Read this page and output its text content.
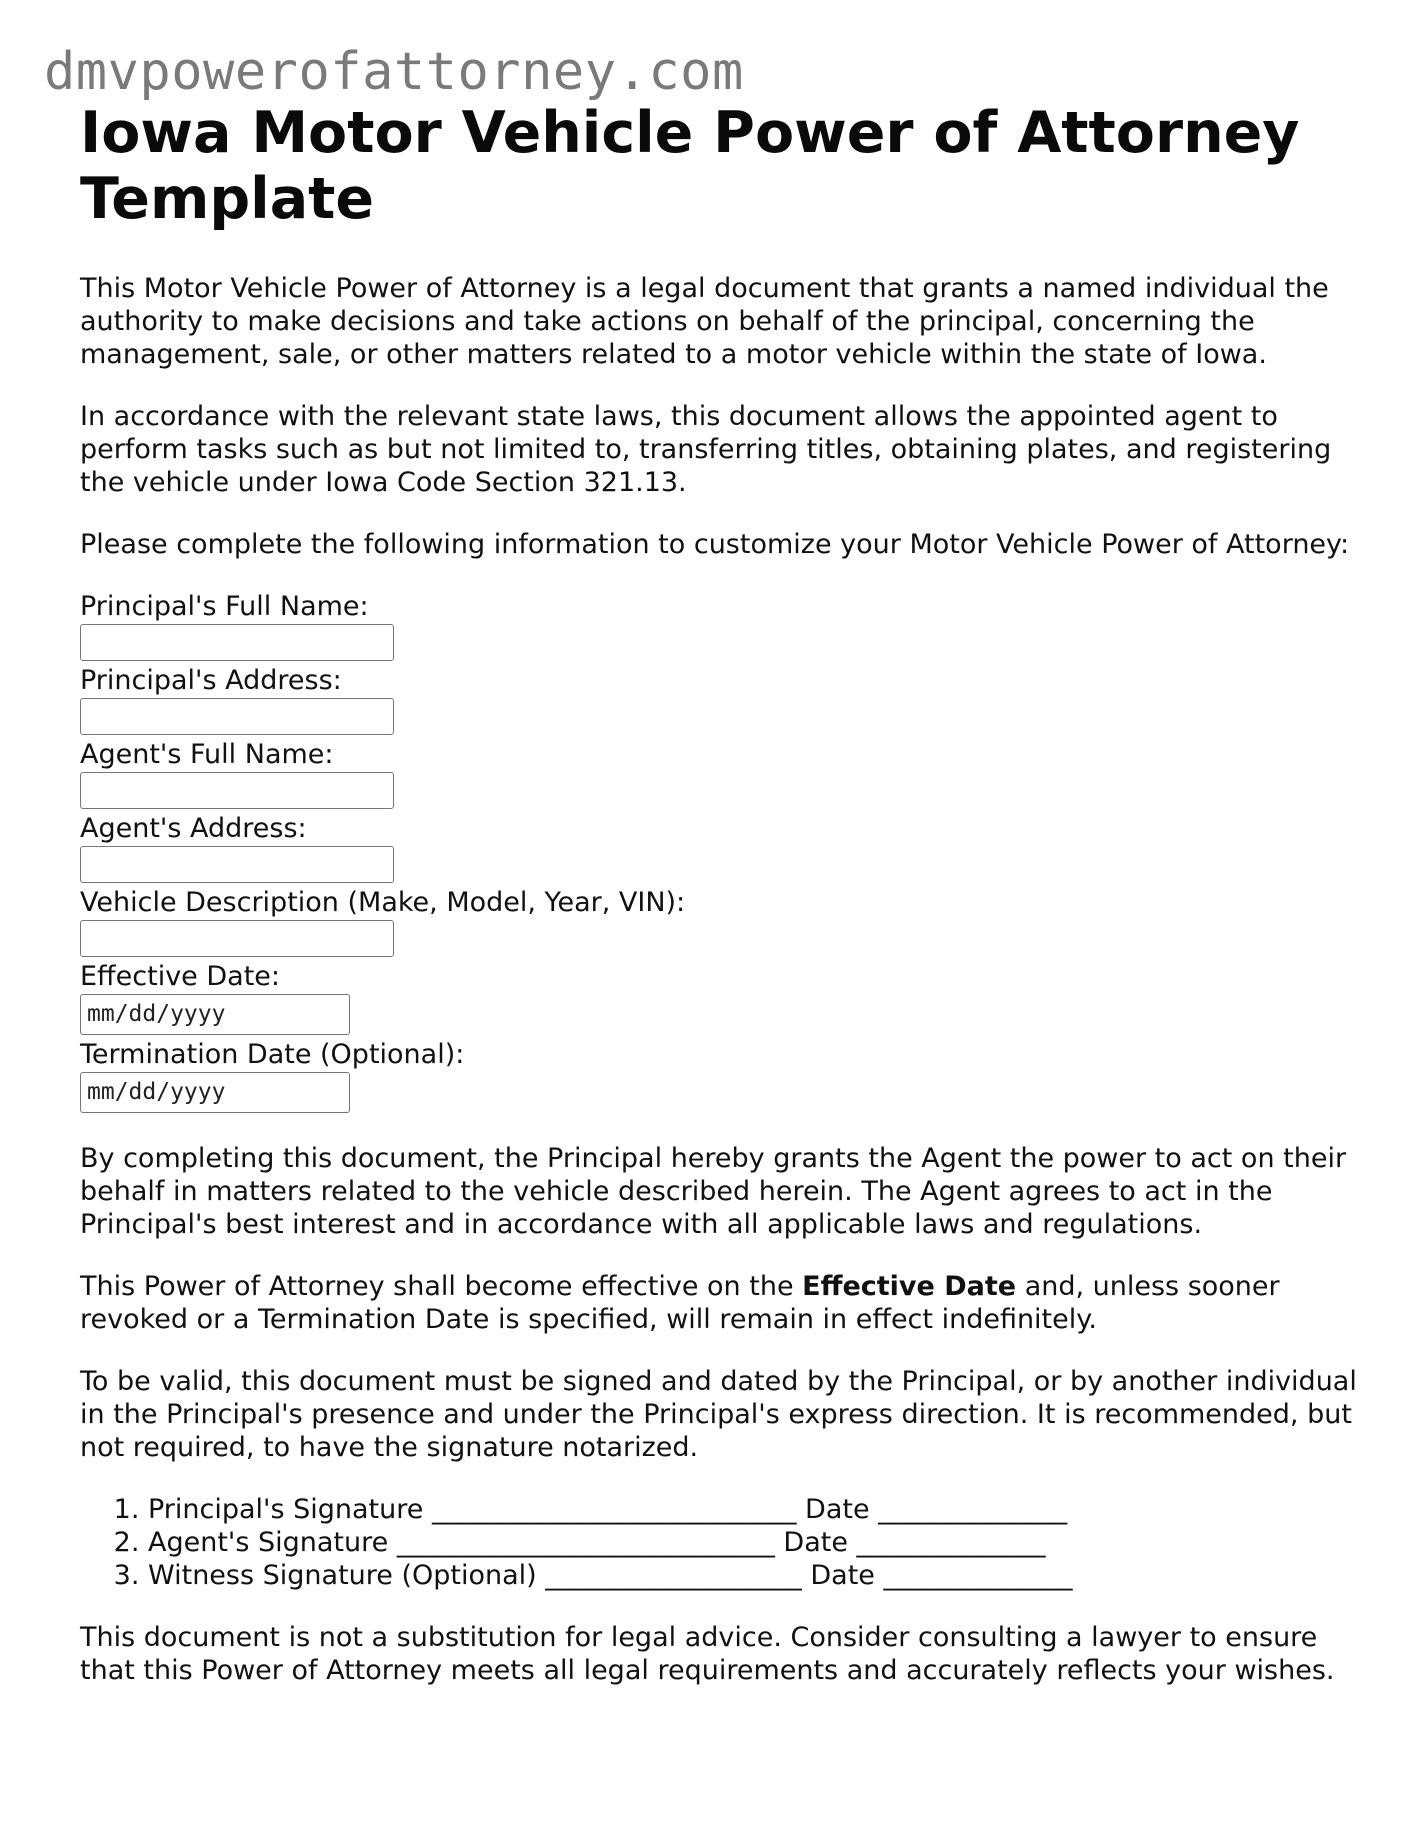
dmvpowerofattorney.com
Iowa Motor Vehicle Power of Attorney Template

This Motor Vehicle Power of Attorney is a legal document that grants a named individual the authority to make decisions and take actions on behalf of the principal, concerning the management, sale, or other matters related to a motor vehicle within the state of Iowa.

In accordance with the relevant state laws, this document allows the appointed agent to perform tasks such as but not limited to, transferring titles, obtaining plates, and registering the vehicle under Iowa Code Section 321.13.

Please complete the following information to customize your Motor Vehicle Power of Attorney:

Principal's Full Name:
Principal's Address:
Agent's Full Name:
Agent's Address:
Vehicle Description (Make, Model, Year, VIN):
Effective Date:
mm/dd/yyyy
Termination Date (Optional):
mm/dd/yyyy

By completing this document, the Principal hereby grants the Agent the power to act on their behalf in matters related to the vehicle described herein. The Agent agrees to act in the Principal's best interest and in accordance with all applicable laws and regulations.

This Power of Attorney shall become effective on the Effective Date and, unless sooner revoked or a Termination Date is specified, will remain in effect indefinitely.

To be valid, this document must be signed and dated by the Principal, or by another individual in the Principal's presence and under the Principal's express direction. It is recommended, but not required, to have the signature notarized.

1. Principal's Signature ___________________________ Date ______________
2. Agent's Signature ____________________________ Date ______________
3. Witness Signature (Optional) ___________________ Date ______________

This document is not a substitution for legal advice. Consider consulting a lawyer to ensure that this Power of Attorney meets all legal requirements and accurately reflects your wishes.
